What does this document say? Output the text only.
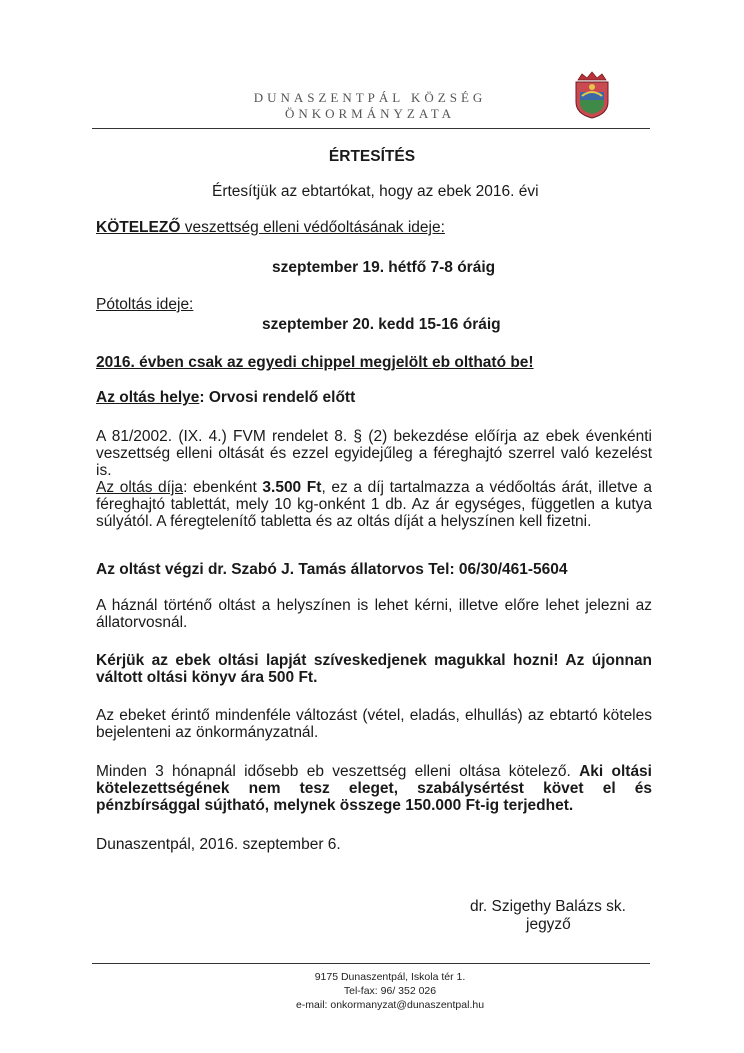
DUNASZENTPÁL KÖZSÉG
ÖNKORMÁNYZATA
ÉRTESÍTÉS
Értesítjük az ebtartókat, hogy az ebek 2016. évi
KÖTELEZŐ veszettség elleni védőoltásának ideje:
szeptember 19. hétfő 7-8 óráig
Pótoltás ideje:
szeptember 20. kedd 15-16 óráig
2016. évben csak az egyedi chippel megjelölt eb oltható be!
Az oltás helye: Orvosi rendelő előtt
A 81/2002. (IX. 4.) FVM rendelet 8. § (2) bekezdése előírja az ebek évenkénti veszettség elleni oltását és ezzel egyidejűleg a féreghajtó szerrel való kezelést is.
Az oltás díja: ebenként 3.500 Ft, ez a díj tartalmazza a védőoltás árát, illetve a féreghajtó tablettát, mely 10 kg-onként 1 db. Az ár egységes, független a kutya súlyától. A féregtelenítő tabletta és az oltás díját a helyszínen kell fizetni.
Az oltást végzi dr. Szabó J. Tamás állatorvos Tel: 06/30/461-5604
A háznál történő oltást a helyszínen is lehet kérni, illetve előre lehet jelezni az állatorvosnál.
Kérjük az ebek oltási lapját szíveskedjenek magukkal hozni! Az újonnan váltott oltási könyv ára 500 Ft.
Az ebeket érintő mindenféle változást (vétel, eladás, elhullás) az ebtartó köteles bejelenteni az önkormányzatnál.
Minden 3 hónapnál idősebb eb veszettség elleni oltása kötelező. Aki oltási kötelezettségének nem tesz eleget, szabálysértést követ el és pénzbírsággal sújtható, melynek összege 150.000 Ft-ig terjedhet.
Dunaszentpál, 2016. szeptember 6.
dr. Szigethy Balázs sk.
jegyző
9175 Dunaszentpál, Iskola tér 1.
Tel-fax: 96/ 352 026
e-mail: onkormanyzat@dunaszentpal.hu
